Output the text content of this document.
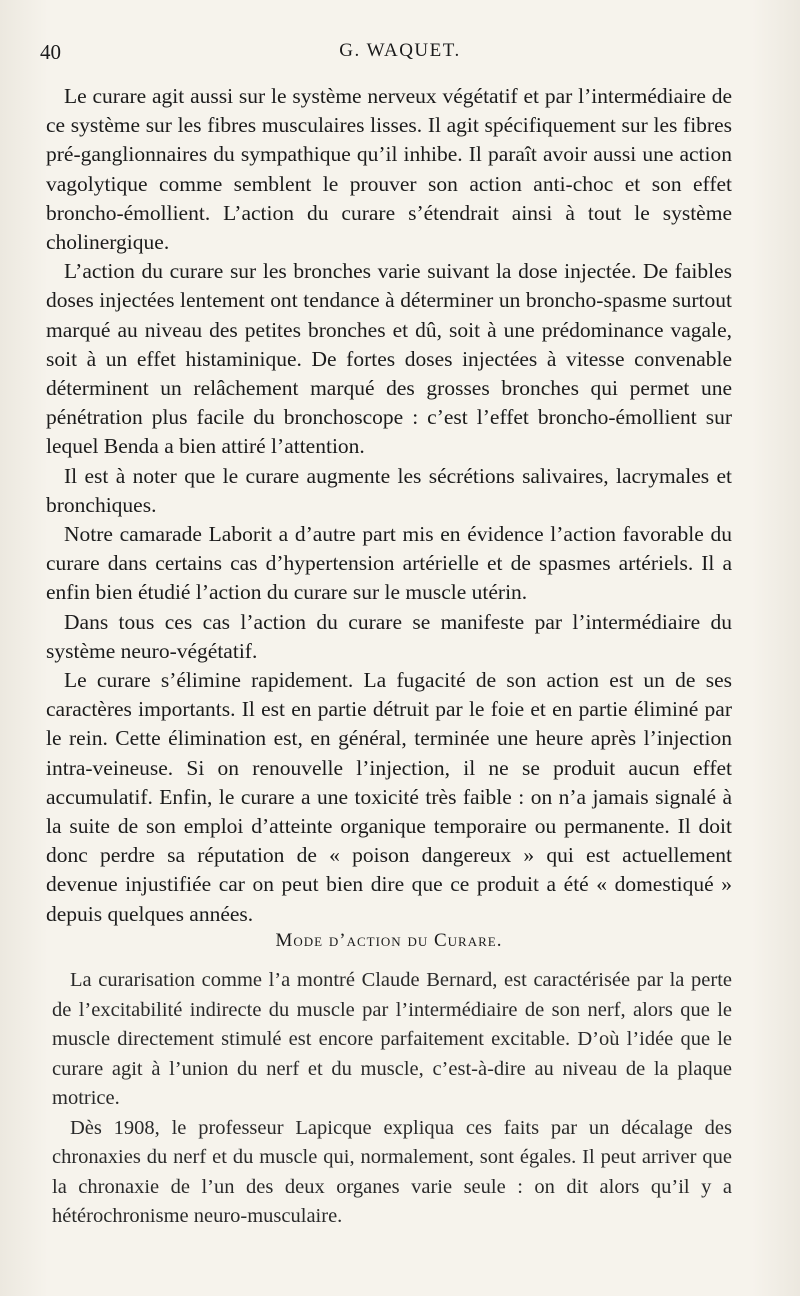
40	G. WAQUET.

Le curare agit aussi sur le système nerveux végétatif et par l’intermédiaire de ce système sur les fibres musculaires lisses. Il agit spécifiquement sur les fibres pré-ganglionnaires du sympathique qu’il inhibe. Il paraît avoir aussi une action vagolytique comme semblent le prouver son action anti-choc et son effet broncho-émollient. L’action du curare s’étendrait ainsi à tout le système cholinergique.

L’action du curare sur les bronches varie suivant la dose injectée. De faibles doses injectées lentement ont tendance à déterminer un broncho-spasme surtout marqué au niveau des petites bronches et dû, soit à une prédominance vagale, soit à un effet histaminique. De fortes doses injectées à vitesse convenable déterminent un relâchement marqué des grosses bronches qui permet une pénétration plus facile du bronchoscope : c’est l’effet broncho-émollient sur lequel Benda a bien attiré l’attention.

Il est à noter que le curare augmente les sécrétions salivaires, lacrymales et bronchiques.

Notre camarade Laborit a d’autre part mis en évidence l’action favorable du curare dans certains cas d’hypertension artérielle et de spasmes artériels. Il a enfin bien étudié l’action du curare sur le muscle utérin.

Dans tous ces cas l’action du curare se manifeste par l’intermédiaire du système neuro-végétatif.

Le curare s’élimine rapidement. La fugacité de son action est un de ses caractères importants. Il est en partie détruit par le foie et en partie éliminé par le rein. Cette élimination est, en général, terminée une heure après l’injection intra-veineuse. Si on renouvelle l’injection, il ne se produit aucun effet accumulatif. Enfin, le curare a une toxicité très faible : on n’a jamais signalé à la suite de son emploi d’atteinte organique temporaire ou permanente. Il doit donc perdre sa réputation de « poison dangereux » qui est actuellement devenue injustifiée car on peut bien dire que ce produit a été « domestiqué » depuis quelques années.

Mode d’action du Curare.

La curarisation comme l’a montré Claude Bernard, est caractérisée par la perte de l’excitabilité indirecte du muscle par l’intermédiaire de son nerf, alors que le muscle directement stimulé est encore parfaitement excitable. D’où l’idée que le curare agit à l’union du nerf et du muscle, c’est-à-dire au niveau de la plaque motrice.

Dès 1908, le professeur Lapicque expliqua ces faits par un décalage des chronaxies du nerf et du muscle qui, normalement, sont égales. Il peut arriver que la chronaxie de l’un des deux organes varie seule : on dit alors qu’il y a hétérochronisme neuro-musculaire.
